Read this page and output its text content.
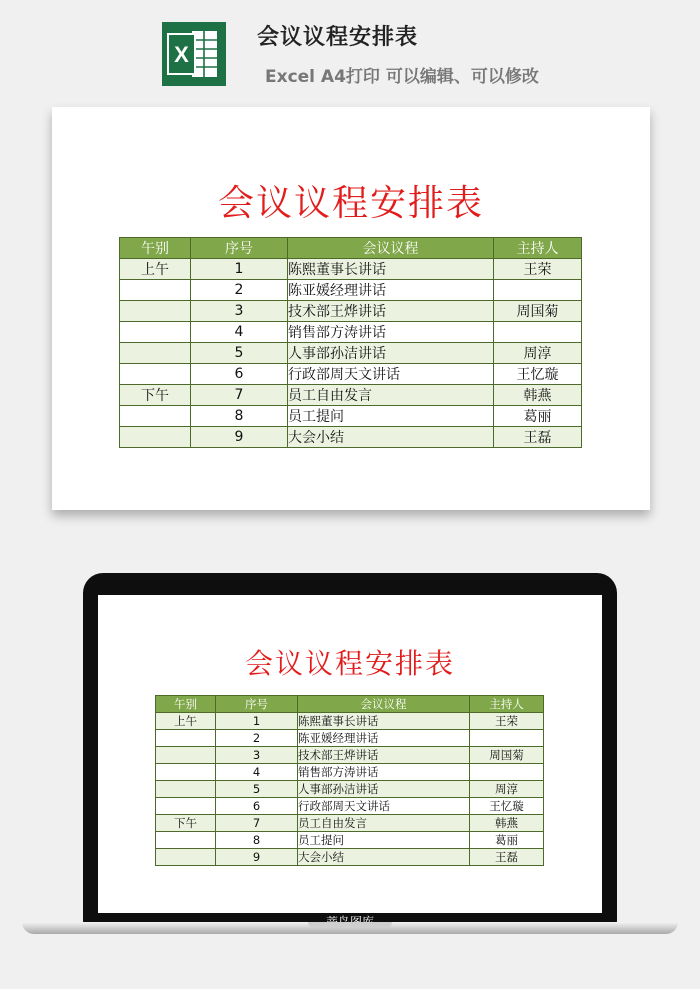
X
会议议程安排表
Excel A4打印 可以编辑、可以修改
会议议程安排表
午别	序号	会议议程	主持人
上午	1	陈熙董事长讲话	王荣
	2	陈亚媛经理讲话	
	3	技术部王烨讲话	周国菊
	4	销售部方涛讲话	
	5	人事部孙洁讲话	周淳
	6	行政部周天文讲话	王忆璇
下午	7	员工自由发言	韩燕
	8	员工提问	葛丽
	9	大会小结	王磊
会议议程安排表
午别	序号	会议议程	主持人
上午	1	陈熙董事长讲话	王荣
	2	陈亚媛经理讲话	
	3	技术部王烨讲话	周国菊
	4	销售部方涛讲话	
	5	人事部孙洁讲话	周淳
	6	行政部周天文讲话	王忆璇
下午	7	员工自由发言	韩燕
	8	员工提问	葛丽
	9	大会小结	王磊
